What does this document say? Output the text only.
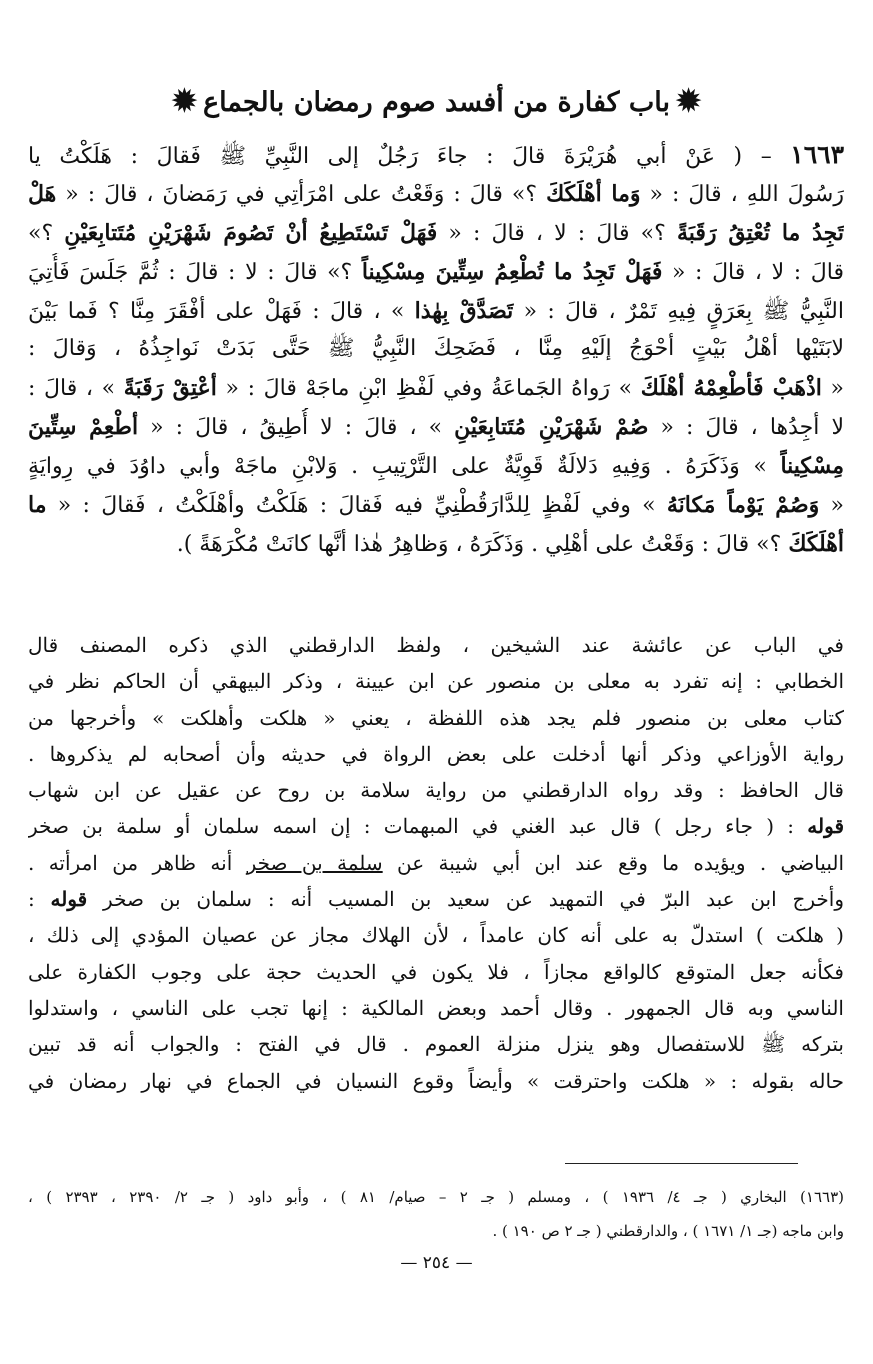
✹باب كفارة من أفسد صوم رمضان بالجماع✹
١٦٦٣ – ( عَنْ أبي هُرَيْرَةَ قالَ : جاءَ رَجُلٌ إلى النَّبِيِّ ﷺ فَقالَ : هَلَكْتُ يا
رَسُولَ اللهِ ، قالَ : « وَما أهْلَكَكَ ؟» قالَ : وَقَعْتُ على امْرَأتِي في رَمَضانَ ، قالَ : « هَلْ
تَجِدُ ما تُعْتِقُ رَقَبَةً ؟» قالَ : لا ، قالَ : « فَهَلْ تَسْتَطِيعُ أنْ تَصُومَ شَهْرَيْنِ مُتَتابِعَيْنِ ؟»
قالَ : لا ، قالَ : « فَهَلْ تَجِدُ ما تُطْعِمُ سِتِّينَ مِسْكِيناً ؟» قالَ : لا : قالَ : ثُمَّ جَلَسَ فَأُتِيَ
النَّبِيُّ ﷺ بِعَرَقٍ فِيهِ تَمْرٌ ، قالَ : « تَصَدَّقْ بِهٰذا » ، قالَ : فَهَلْ على أفْقَرَ مِنَّا ؟ فَما بَيْنَ
لابَتَيْها أهْلُ بَيْتٍ أحْوَجُ إلَيْهِ مِنَّا ، فَضَحِكَ النَّبِيُّ ﷺ حَتَّى بَدَتْ نَواجِذُهُ ، وَقالَ :
« اذْهَبْ فَأطْعِمْهُ أهْلَكَ » رَواهُ الجَماعَةُ وفي لَفْظِ ابْنِ ماجَهْ قالَ : « أعْتِقْ رَقَبَةً » ، قالَ :
لا أجِدُها ، قالَ : « صُمْ شَهْرَيْنِ مُتَتابِعَيْنِ » ، قالَ : لا أُطِيقُ ، قالَ : « أطْعِمْ سِتِّينَ
مِسْكِيناً » وَذَكَرَهُ . وَفِيهِ دَلالَةٌ قَوِيَّةٌ على التَّرْتِيبِ . وَلابْنِ ماجَهْ وأبي داوُدَ في رِوايَةٍ
« وَصُمْ يَوْماً مَكانَهُ » وفي لَفْظٍ لِلدَّارَقُطْنِيِّ فيه فَقالَ : هَلَكْتُ وأهْلَكْتُ ، فَقالَ : « ما
أهْلَكَكَ ؟» قالَ : وَقَعْتُ على أهْلِي . وَذَكَرَهُ ، وَظاهِرُ هٰذا أنَّها كانَتْ مُكْرَهَةً ).
في الباب عن عائشة عند الشيخين ، ولفظ الدارقطني الذي ذكره المصنف قال
الخطابي : إنه تفرد به معلى بن منصور عن ابن عيينة ، وذكر البيهقي أن الحاكم نظر في
كتاب معلى بن منصور فلم يجد هذه اللفظة ، يعني « هلكت وأهلكت » وأخرجها من
رواية الأوزاعي وذكر أنها أدخلت على بعض الرواة في حديثه وأن أصحابه لم يذكروها .
قال الحافظ : وقد رواه الدارقطني من رواية سلامة بن روح عن عقيل عن ابن شهاب
قوله : ( جاء رجل ) قال عبد الغني في المبهمات : إن اسمه سلمان أو سلمة بن صخر
البياضي . ويؤيده ما وقع عند ابن أبي شيبة عن سلمة بن صخر أنه ظاهر من امرأته .
وأخرج ابن عبد البرّ في التمهيد عن سعيد بن المسيب أنه : سلمان بن صخر قوله :
( هلكت ) استدلّ به على أنه كان عامداً ، لأن الهلاك مجاز عن عصيان المؤدي إلى ذلك ،
فكأنه جعل المتوقع كالواقع مجازاً ، فلا يكون في الحديث حجة على وجوب الكفارة على
الناسي وبه قال الجمهور . وقال أحمد وبعض المالكية : إنها تجب على الناسي ، واستدلوا
بتركه ﷺ للاستفصال وهو ينزل منزلة العموم . قال في الفتح : والجواب أنه قد تبين
حاله بقوله : « هلكت واحترقت » وأيضاً وقوع النسيان في الجماع في نهار رمضان في
(١٦٦٣) البخاري ( جـ ٤/ ١٩٣٦ ) ، ومسلم ( جـ ٢ – صيام/ ٨١ ) ، وأبو داود ( جـ ٢/ ٢٣٩٠ ، ٢٣٩٣ ) ،
وابن ماجه (جـ ١/ ١٦٧١ ) ، والدارقطني ( جـ ٢ ص ١٩٠ ) .
— ٢٥٤ —
